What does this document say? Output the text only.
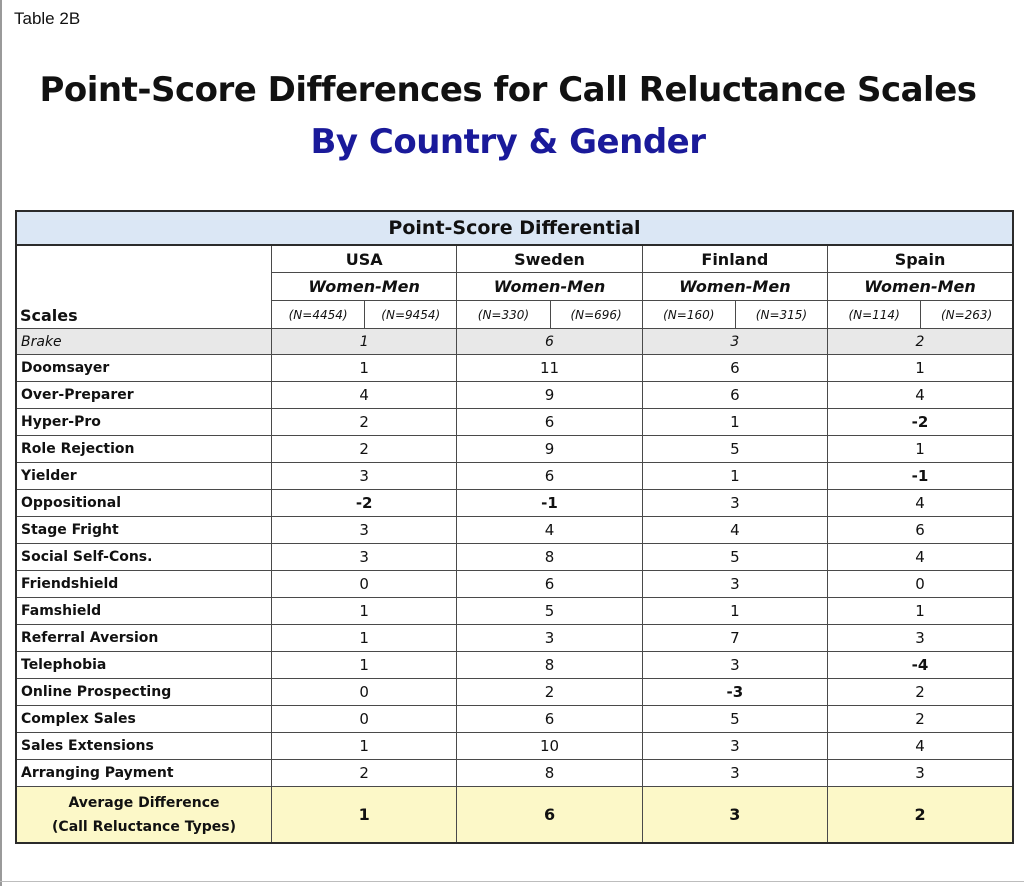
Table 2B
Point-Score Differences for Call Reluctance Scales
By Country & Gender
Point-Score Differential								
Scales	USA		Sweden		Finland		Spain	
	Women-Men		Women-Men		Women-Men		Women-Men	
	(N=4454)	(N=9454)	(N=330)	(N=696)	(N=160)	(N=315)	(N=114)	(N=263)
Brake	1		6		3		2	
Doomsayer	1		11		6		1	
Over-Preparer	4		9		6		4	
Hyper-Pro	2		6		1		-2	
Role Rejection	2		9		5		1	
Yielder	3		6		1		-1	
Oppositional	-2		-1		3		4	
Stage Fright	3		4		4		6	
Social Self-Cons.	3		8		5		4	
Friendshield	0		6		3		0	
Famshield	1		5		1		1	
Referral Aversion	1		3		7		3	
Telephobia	1		8		3		-4	
Online Prospecting	0		2		-3		2	
Complex Sales	0		6		5		2	
Sales Extensions	1		10		3		4	
Arranging Payment	2		8		3		3	

Average Difference
(Call Reluctance Types)	1		6		3		2	
